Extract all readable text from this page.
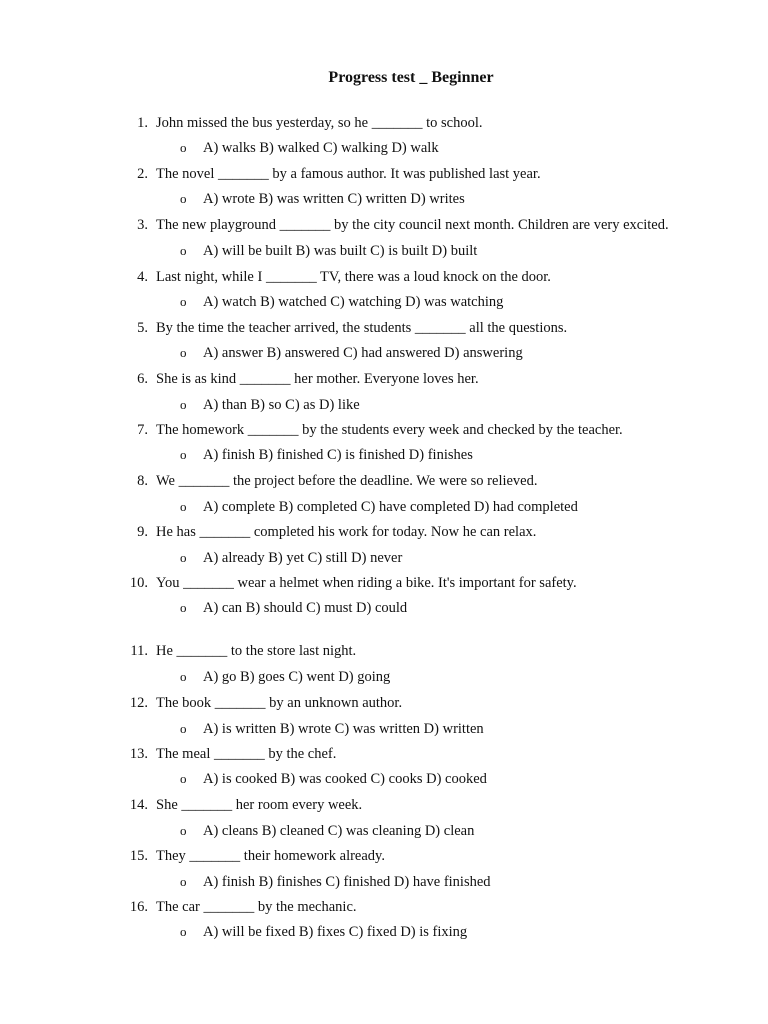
Progress test _ Beginner
1. John missed the bus yesterday, so he _______ to school.
o A) walks B) walked C) walking D) walk
2. The novel _______ by a famous author. It was published last year.
o A) wrote B) was written C) written D) writes
3. The new playground _______ by the city council next month. Children are very excited.
o A) will be built B) was built C) is built D) built
4. Last night, while I _______ TV, there was a loud knock on the door.
o A) watch B) watched C) watching D) was watching
5. By the time the teacher arrived, the students _______ all the questions.
o A) answer B) answered C) had answered D) answering
6. She is as kind _______ her mother. Everyone loves her.
o A) than B) so C) as D) like
7. The homework _______ by the students every week and checked by the teacher.
o A) finish B) finished C) is finished D) finishes
8. We _______ the project before the deadline. We were so relieved.
o A) complete B) completed C) have completed D) had completed
9. He has _______ completed his work for today. Now he can relax.
o A) already B) yet C) still D) never
10. You _______ wear a helmet when riding a bike. It's important for safety.
o A) can B) should C) must D) could
11. He _______ to the store last night.
o A) go B) goes C) went D) going
12. The book _______ by an unknown author.
o A) is written B) wrote C) was written D) written
13. The meal _______ by the chef.
o A) is cooked B) was cooked C) cooks D) cooked
14. She _______ her room every week.
o A) cleans B) cleaned C) was cleaning D) clean
15. They _______ their homework already.
o A) finish B) finishes C) finished D) have finished
16. The car _______ by the mechanic.
o A) will be fixed B) fixes C) fixed D) is fixing
